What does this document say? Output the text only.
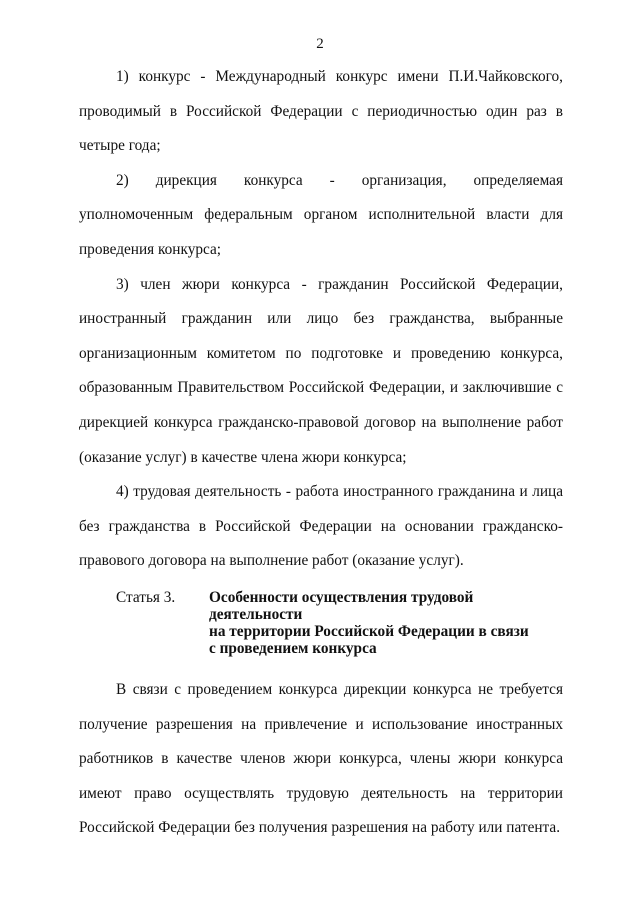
2

1) конкурс - Международный конкурс имени П.И.Чайковского, проводимый в Российской Федерации с периодичностью один раз в четыре года;

2) дирекция конкурса - организация, определяемая уполномоченным федеральным органом исполнительной власти для проведения конкурса;

3) член жюри конкурса - гражданин Российской Федерации, иностранный гражданин или лицо без гражданства, выбранные организационным комитетом по подготовке и проведению конкурса, образованным Правительством Российской Федерации, и заключившие с дирекцией конкурса гражданско-правовой договор на выполнение работ (оказание услуг) в качестве члена жюри конкурса;

4) трудовая деятельность - работа иностранного гражданина и лица без гражданства в Российской Федерации на основании гражданско-правового договора на выполнение работ (оказание услуг).

Статья 3.	Особенности осуществления трудовой деятельности
на территории Российской Федерации в связи
с проведением конкурса

В связи с проведением конкурса дирекции конкурса не требуется получение разрешения на привлечение и использование иностранных работников в качестве членов жюри конкурса, члены жюри конкурса имеют право осуществлять трудовую деятельность на территории Российской Федерации без получения разрешения на работу или патента.
